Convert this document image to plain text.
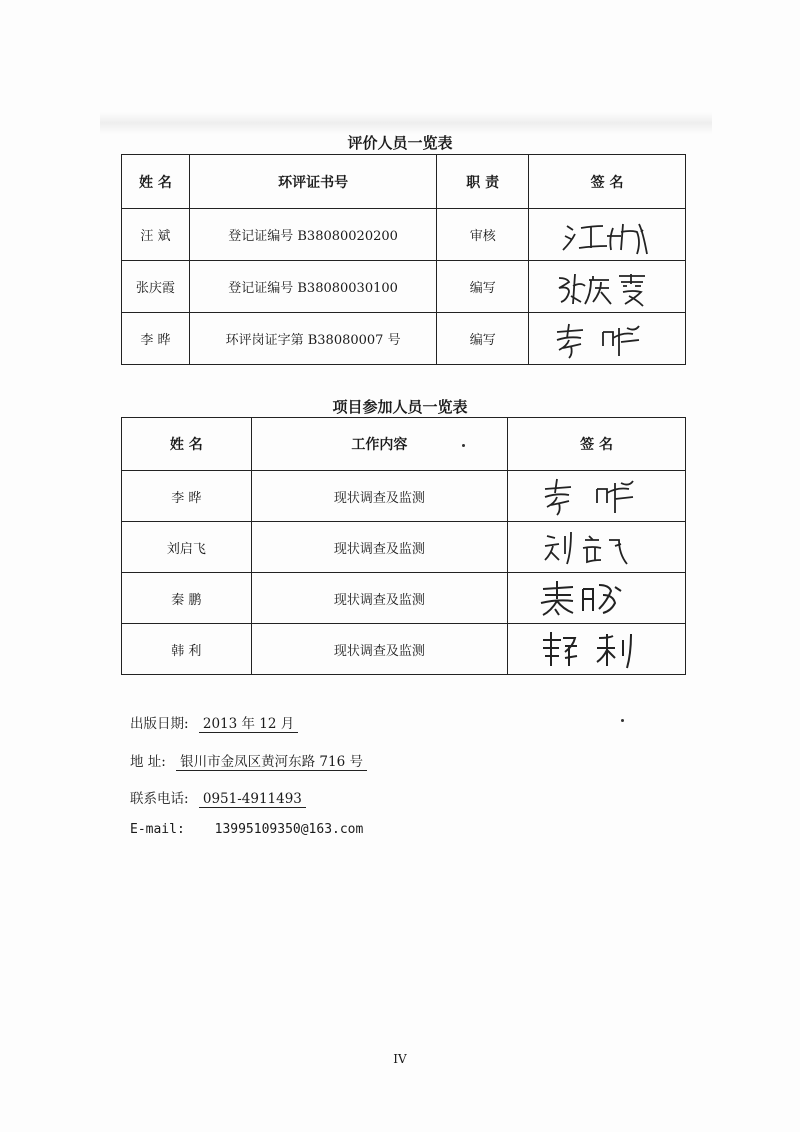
评价人员一览表
姓 名	环评证书号	职 责	签 名
汪 斌	登记证编号 B38080020200	审核	

张庆霞	登记证编号 B38080030100	编写	

李 晔	环评岗证字第 B38080007 号	编写	
项目参加人员一览表
姓 名	工作内容	签 名
李 晔	现状调查及监测	

刘启飞	现状调查及监测	

秦 鹏	现状调查及监测	

韩 利	现状调查及监测	
出版日期: 2013 年 12 月
地 址: 银川市金凤区黄河东路 716 号
联系电话: 0951-4911493
E-mail: 13995109350@163.com
IV
